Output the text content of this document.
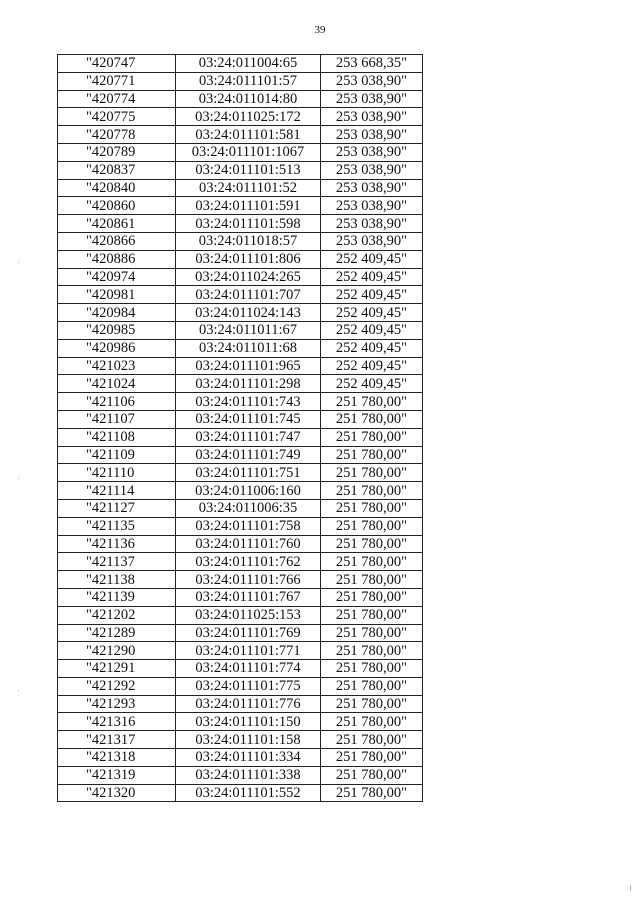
39
"420747	03:24:011004:65	253 668,35"
"420771	03:24:011101:57	253 038,90"
"420774	03:24:011014:80	253 038,90"
"420775	03:24:011025:172	253 038,90"
"420778	03:24:011101:581	253 038,90"
"420789	03:24:011101:1067	253 038,90"
"420837	03:24:011101:513	253 038,90"
"420840	03:24:011101:52	253 038,90"
"420860	03:24:011101:591	253 038,90"
"420861	03:24:011101:598	253 038,90"
"420866	03:24:011018:57	253 038,90"
"420886	03:24:011101:806	252 409,45"
"420974	03:24:011024:265	252 409,45"
"420981	03:24:011101:707	252 409,45"
"420984	03:24:011024:143	252 409,45"
"420985	03:24:011011:67	252 409,45"
"420986	03:24:011011:68	252 409,45"
"421023	03:24:011101:965	252 409,45"
"421024	03:24:011101:298	252 409,45"
"421106	03:24:011101:743	251 780,00"
"421107	03:24:011101:745	251 780,00"
"421108	03:24:011101:747	251 780,00"
"421109	03:24:011101:749	251 780,00"
"421110	03:24:011101:751	251 780,00"
"421114	03:24:011006:160	251 780,00"
"421127	03:24:011006:35	251 780,00"
"421135	03:24:011101:758	251 780,00"
"421136	03:24:011101:760	251 780,00"
"421137	03:24:011101:762	251 780,00"
"421138	03:24:011101:766	251 780,00"
"421139	03:24:011101:767	251 780,00"
"421202	03:24:011025:153	251 780,00"
"421289	03:24:011101:769	251 780,00"
"421290	03:24:011101:771	251 780,00"
"421291	03:24:011101:774	251 780,00"
"421292	03:24:011101:775	251 780,00"
"421293	03:24:011101:776	251 780,00"
"421316	03:24:011101:150	251 780,00"
"421317	03:24:011101:158	251 780,00"
"421318	03:24:011101:334	251 780,00"
"421319	03:24:011101:338	251 780,00"
"421320	03:24:011101:552	251 780,00"
